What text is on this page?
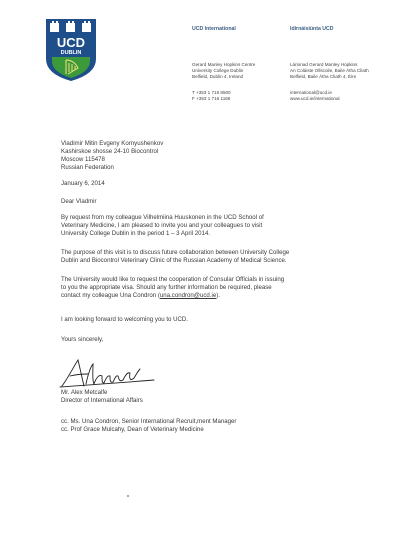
UCD
DUBLIN
UCD International	Idirnáisiúnta UCD
Gerard Manley Hopkins Centre
University College Dublin
Belfield, Dublin 4, Ireland
Lárionad Gerard Manley Hopkins
An Coláiste Ollscoile, Baile Átha Cliath
Belfield, Baile Átha Cliath 4, Éire
T +353 1 716 8500
F +353 1 716 1165
international@ucd.ie
www.ucd.ie/international
Vladimir Mitin Evgeny Kornyushenkov
Kashirskoe shosse 24-10 Biocontrol
Moscow 115478
Russian Federation
January 6, 2014
Dear Vladmir
By request from my colleague Vilhelmiina Huuskonen in the UCD School of
Veterinary Medicine, I am pleased to invite you and your colleagues to visit
University College Dublin in the period 1 – 3 April 2014.
The purpose of this visit is to discuss future collaboration between University College
Dublin and Biocontrol Veterinary Clinic of the Russian Academy of Medical Science.
The University would like to request the cooperation of Consular Officials in issuing
to you the appropriate visa. Should any further information be required, please
contact my colleague Una Condron (una.condron@ucd.ie).
I am looking forward to welcoming you to UCD.
Yours sincerely,
Mr. Alex Metcalfe
Director of International Affairs
cc. Ms. Una Condron, Senior International Recruit,ment Manager
cc. Prof Grace Mulcahy, Dean of Veterinary Medicine
